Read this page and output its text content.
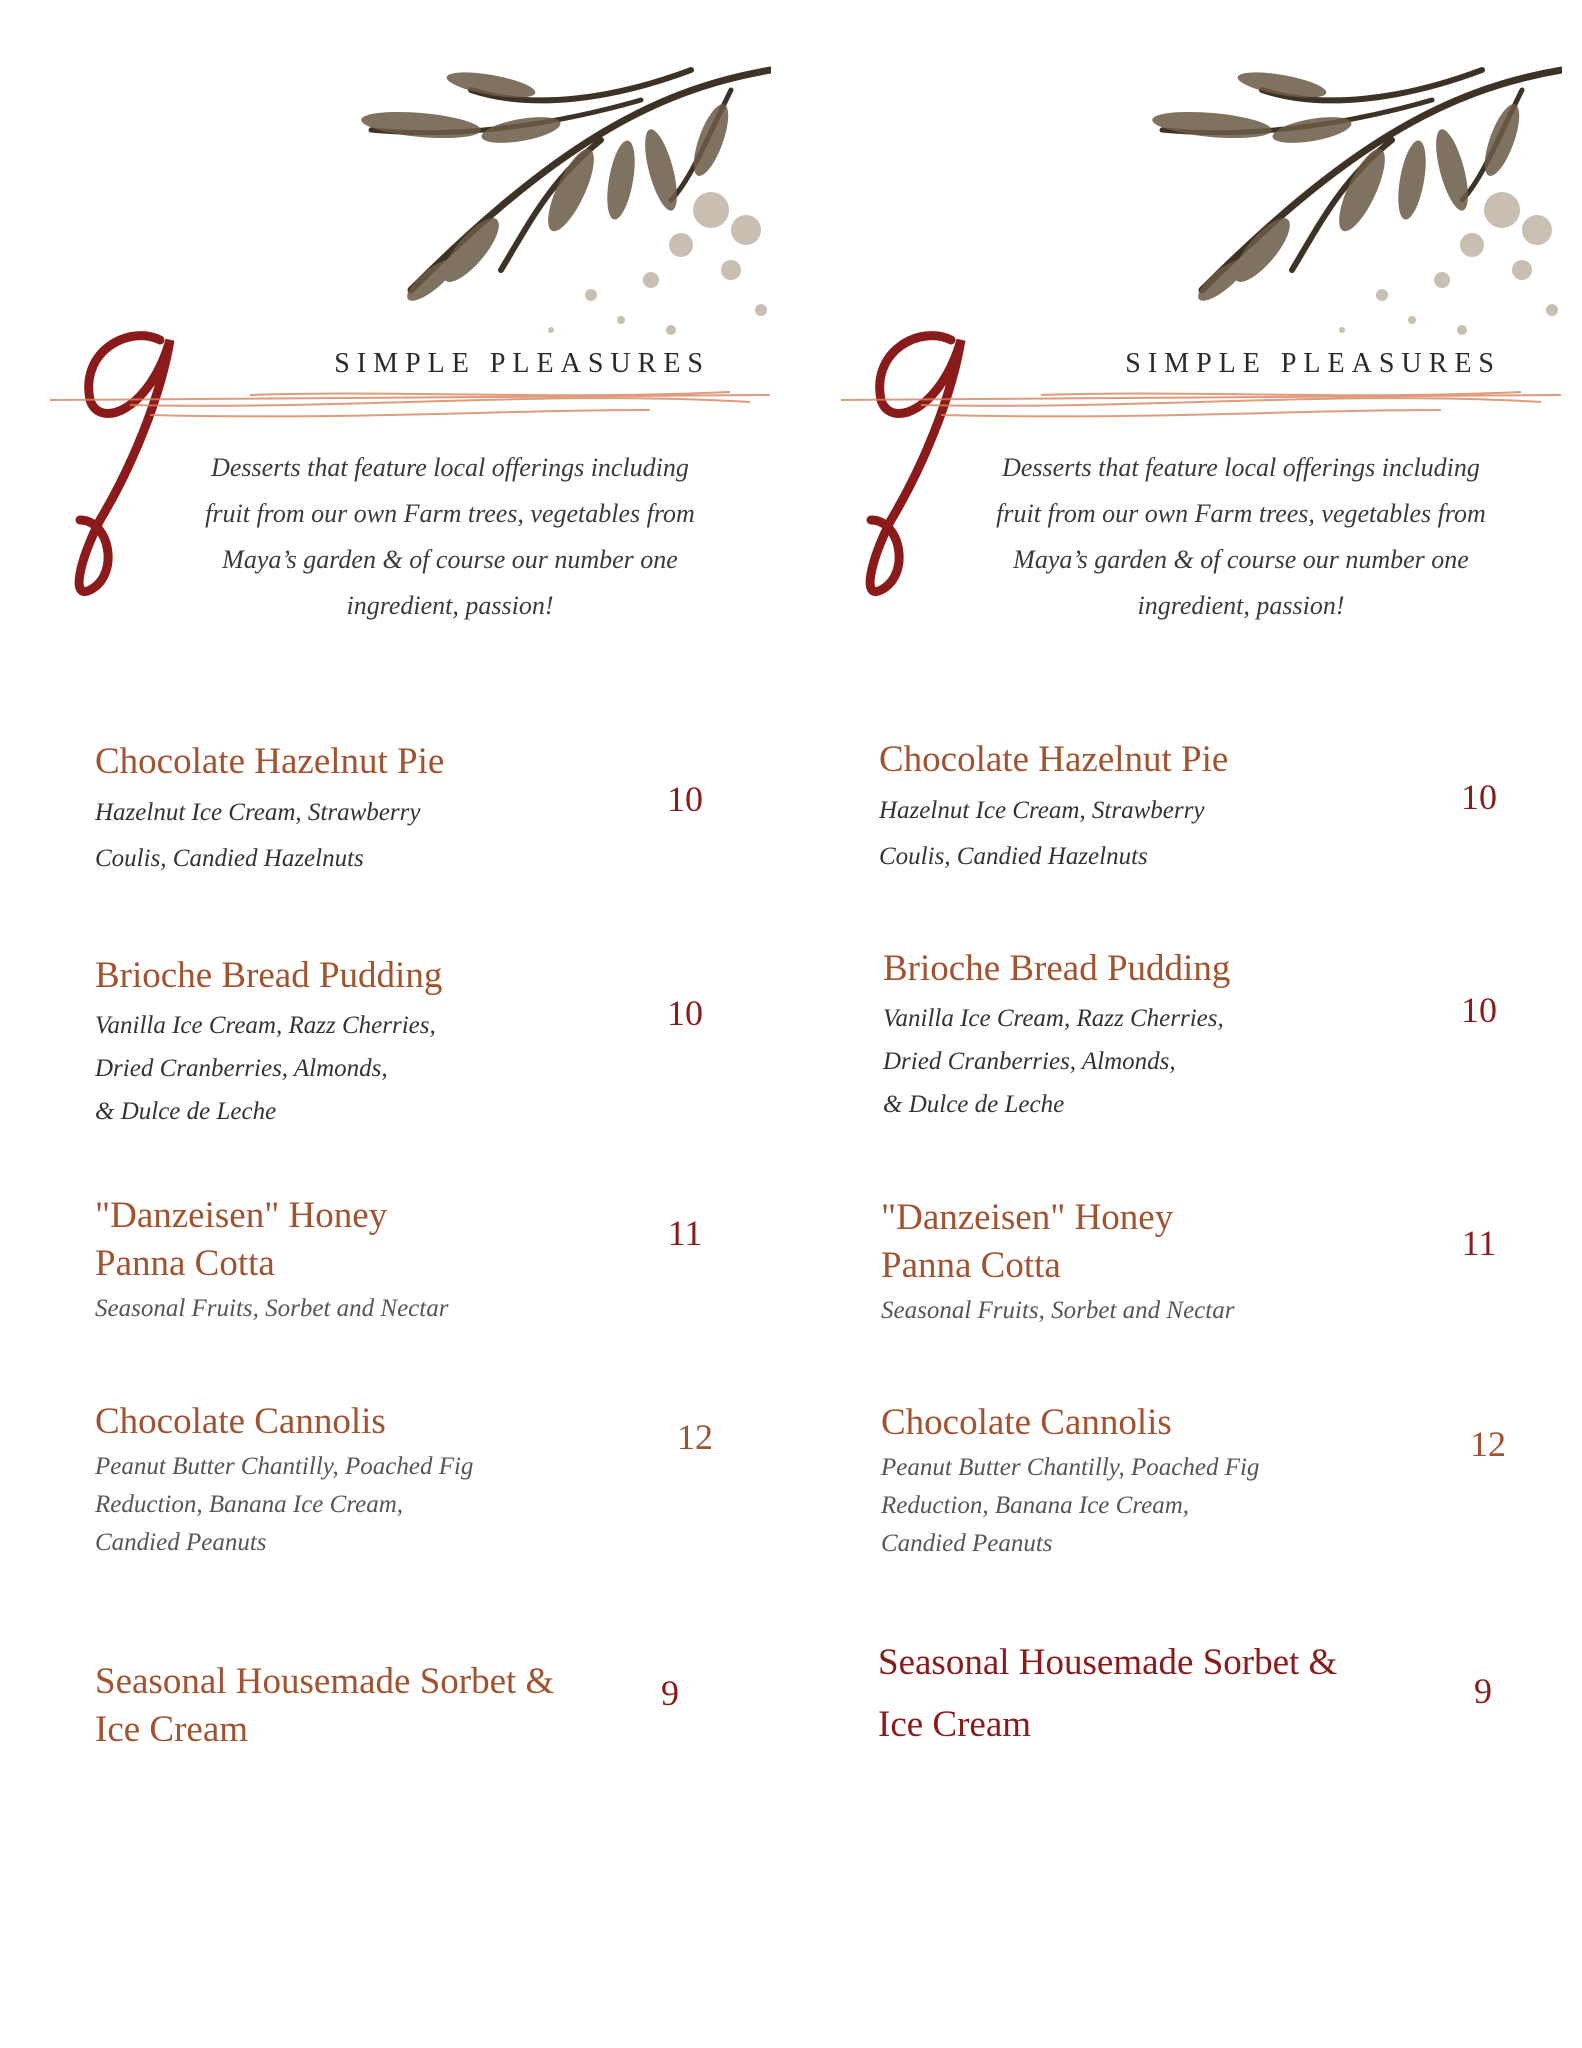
SIMPLE PLEASURES
Desserts that feature local offerings including
fruit from our own Farm trees, vegetables from
Maya’s garden & of course our number one
ingredient, passion!
Chocolate Hazelnut Pie
Hazelnut Ice Cream, Strawberry
Coulis, Candied Hazelnuts
10
Brioche Bread Pudding
Vanilla Ice Cream, Razz Cherries,
Dried Cranberries, Almonds,
& Dulce de Leche
10
"Danzeisen" Honey
Panna Cotta
Seasonal Fruits, Sorbet and Nectar
11
Chocolate Cannolis
Peanut Butter Chantilly, Poached Fig
Reduction, Banana Ice Cream,
Candied Peanuts
12
Seasonal Housemade Sorbet &
Ice Cream
9
SIMPLE PLEASURES
Desserts that feature local offerings including
fruit from our own Farm trees, vegetables from
Maya’s garden & of course our number one
ingredient, passion!
Chocolate Hazelnut Pie
Hazelnut Ice Cream, Strawberry
Coulis, Candied Hazelnuts
10
Brioche Bread Pudding
Vanilla Ice Cream, Razz Cherries,
Dried Cranberries, Almonds,
& Dulce de Leche
10
"Danzeisen" Honey
Panna Cotta
Seasonal Fruits, Sorbet and Nectar
11
Chocolate Cannolis
Peanut Butter Chantilly, Poached Fig
Reduction, Banana Ice Cream,
Candied Peanuts
12
Seasonal Housemade Sorbet &
Ice Cream
9
